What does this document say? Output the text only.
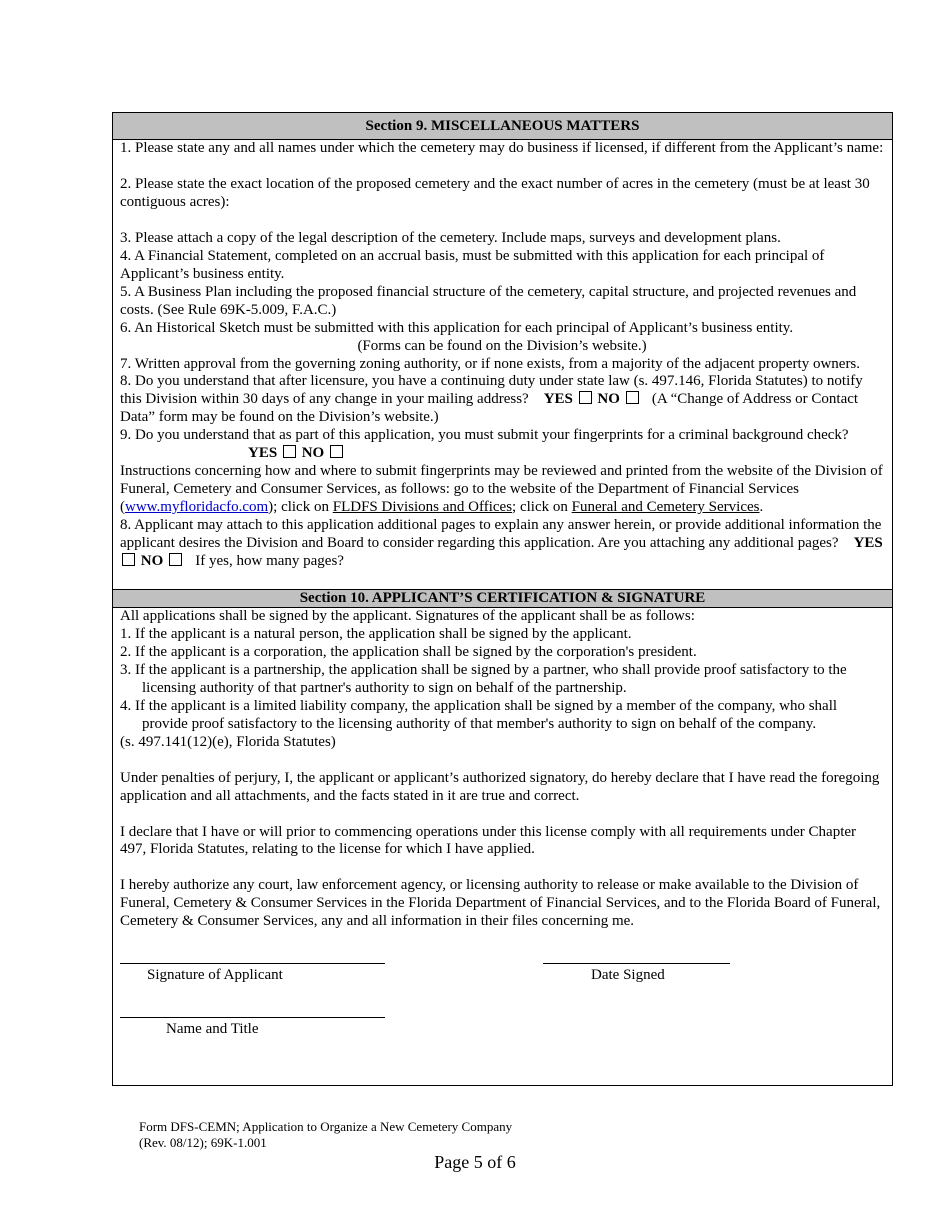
Section 9. MISCELLANEOUS MATTERS

1. Please state any and all names under which the cemetery may do business if licensed, if different from the Applicant’s name:

2. Please state the exact location of the proposed cemetery and the exact number of acres in the cemetery (must be at least 30 contiguous acres):

3. Please attach a copy of the legal description of the cemetery. Include maps, surveys and development plans.

4. A Financial Statement, completed on an accrual basis, must be submitted with this application for each principal of Applicant’s business entity.

5. A Business Plan including the proposed financial structure of the cemetery, capital structure, and projected revenues and costs. (See Rule 69K-5.009, F.A.C.)

6. An Historical Sketch must be submitted with this application for each principal of Applicant’s business entity.

(Forms can be found on the Division’s website.)

7. Written approval from the governing zoning authority, or if none exists, from a majority of the adjacent property owners.

8. Do you understand that after licensure, you have a continuing duty under state law (s. 497.146, Florida Statutes) to notify this Division within 30 days of any change in your mailing address? YES NO (A “Change of Address or Contact Data” form may be found on the Division’s website.)

9. Do you understand that as part of this application, you must submit your fingerprints for a criminal background check?

YES NO

Instructions concerning how and where to submit fingerprints may be reviewed and printed from the website of the Division of Funeral, Cemetery and Consumer Services, as follows: go to the website of the Department of Financial Services (www.myfloridacfo.com); click on FLDFS Divisions and Offices; click on Funeral and Cemetery Services.

8. Applicant may attach to this application additional pages to explain any answer herein, or provide additional information the applicant desires the Division and Board to consider regarding this application. Are you attaching any additional pages? YES  NO If yes, how many pages?

Section 10. APPLICANT’S CERTIFICATION & SIGNATURE

All applications shall be signed by the applicant. Signatures of the applicant shall be as follows:

1. If the applicant is a natural person, the application shall be signed by the applicant.

2. If the applicant is a corporation, the application shall be signed by the corporation's president.

3. If the applicant is a partnership, the application shall be signed by a partner, who shall provide proof satisfactory to the licensing authority of that partner's authority to sign on behalf of the partnership.

4. If the applicant is a limited liability company, the application shall be signed by a member of the company, who shall provide proof satisfactory to the licensing authority of that member's authority to sign on behalf of the company.

(s. 497.141(12)(e), Florida Statutes)

Under penalties of perjury, I, the applicant or applicant’s authorized signatory, do hereby declare that I have read the foregoing application and all attachments, and the facts stated in it are true and correct.

I declare that I have or will prior to commencing operations under this license comply with all requirements under Chapter 497, Florida Statutes, relating to the license for which I have applied.

I hereby authorize any court, law enforcement agency, or licensing authority to release or make available to the Division of Funeral, Cemetery & Consumer Services in the Florida Department of Financial Services, and to the Florida Board of Funeral, Cemetery & Consumer Services, any and all information in their files concerning me.

Signature of Applicant	Date Signed
Name and Title
Form DFS-CEMN; Application to Organize a New Cemetery Company
(Rev. 08/12); 69K-1.001
Page 5 of 6
